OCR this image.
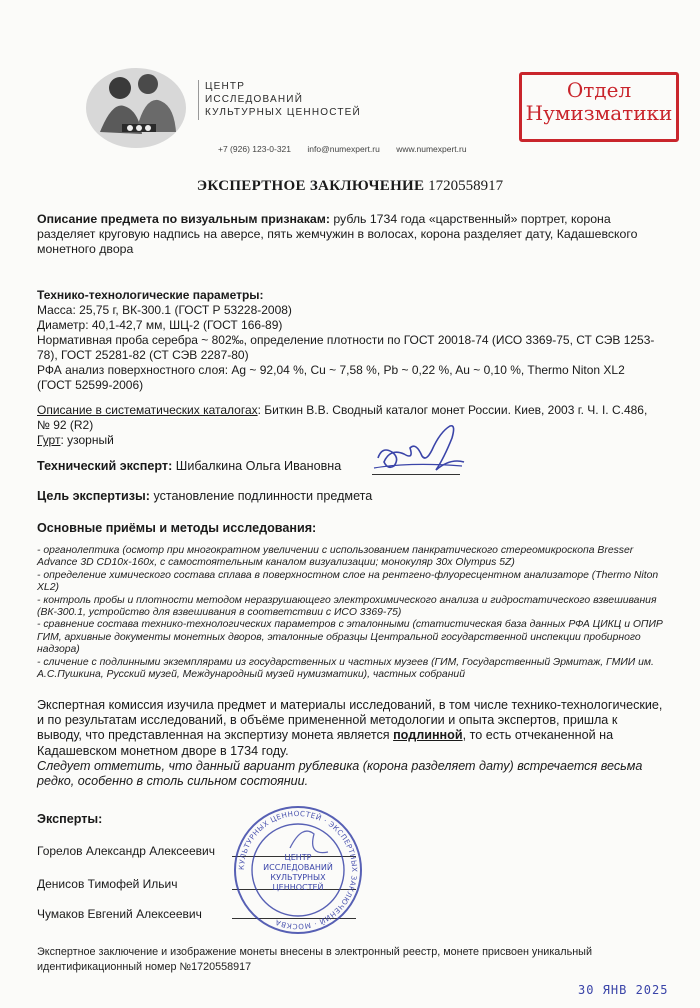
ЦЕНТР
ИССЛЕДОВАНИЙ
КУЛЬТУРНЫХ ЦЕННОСТЕЙ
+7 (926) 123-0-321 info@numexpert.ru www.numexpert.ru
Отдел
Нумизматики
ЭКСПЕРТНОЕ ЗАКЛЮЧЕНИЕ 1720558917
Описание предмета по визуальным признакам: рубль 1734 года «царственный» портрет, корона разделяет круговую надпись на аверсе, пять жемчужин в волосах, корона разделяет дату, Кадашевского монетного двора
Технико-технологические параметры:
Масса: 25,75 г, ВК-300.1 (ГОСТ Р 53228-2008)
Диаметр: 40,1-42,7 мм, ШЦ-2 (ГОСТ 166-89)
Нормативная проба серебра ~ 802‰, определение плотности по ГОСТ 20018-74 (ИСО 3369-75, СТ СЭВ 1253-78), ГОСТ 25281-82 (СТ СЭВ 2287-80)
РФА анализ поверхностного слоя: Ag ~ 92,04 %, Cu ~ 7,58 %, Pb ~ 0,22 %, Au ~ 0,10 %, Thermo Niton XL2 (ГОСТ 52599-2006)
Описание в систематических каталогах: Биткин В.В. Сводный каталог монет России. Киев, 2003 г. Ч. I. С.486, № 92 (R2)
Гурт: узорный
Технический эксперт: Шибалкина Ольга Ивановна
Цель экспертизы: установление подлинности предмета
Основные приёмы и методы исследования:
- органолептика (осмотр при многократном увеличении с использованием панкратического стереомикроскопа Bresser Advance 3D CD10x-160x, с самостоятельным каналом визуализации; монокуляр 30x Olympus 5Z)
- определение химического состава сплава в поверхностном слое на рентгено-флуоресцентном анализаторе (Thermo Niton XL2)
- контроль пробы и плотности методом неразрушающего электрохимического анализа и гидростатического взвешивания (ВК-300.1, устройство для взвешивания в соответствии с ИСО 3369-75)
- сравнение состава технико-технологических параметров с эталонными (статистическая база данных РФА ЦИКЦ и ОПИР ГИМ, архивные документы монетных дворов, эталонные образцы Центральной государственной инспекции пробирного надзора)
- сличение с подлинными экземплярами из государственных и частных музеев (ГИМ, Государственный Эрмитаж, ГМИИ им. А.С.Пушкина, Русский музей, Международный музей нумизматики), частных собраний
Экспертная комиссия изучила предмет и материалы исследований, в том числе технико-технологические, и по результатам исследований, в объёме примененной методологии и опыта экспертов, пришла к выводу, что представленная на экспертизу монета является подлинной, то есть отчеканенной на Кадашевском монетном дворе в 1734 году.
Следует отметить, что данный вариант рублевика (корона разделяет дату) встречается весьма редко, особенно в столь сильном состоянии.
Эксперты:
Горелов Александр Алексеевич
Денисов Тимофей Ильич
Чумаков Евгений Алексеевич
КУЛЬТУРНЫХ ЦЕННОСТЕЙ · ЭКСПЕРТНЫХ ЗАКЛЮЧЕНИЙ · МОСКВА
ЦЕНТР
ИССЛЕДОВАНИЙ
КУЛЬТУРНЫХ
ЦЕННОСТЕЙ
Экспертное заключение и изображение монеты внесены в электронный реестр, монете присвоен уникальный идентификационный номер №1720558917
30 ЯНВ 2025
